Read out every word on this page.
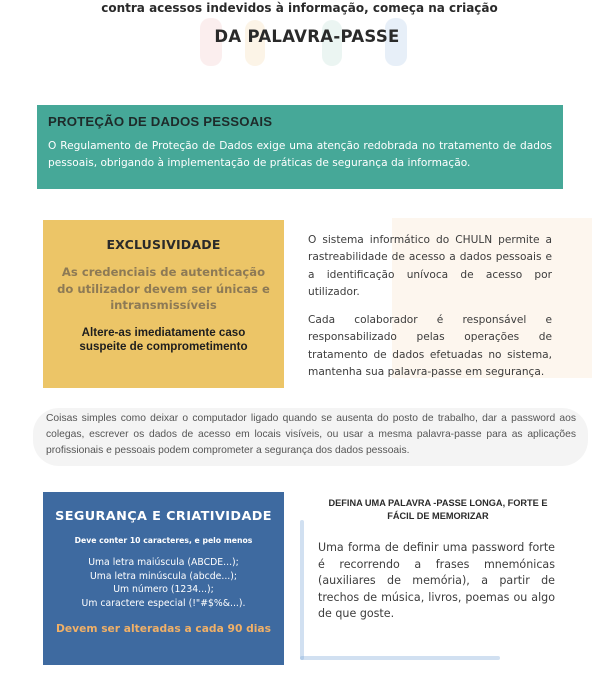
contra acessos indevidos à informação, começa na criação
DA PALAVRA-PASSE
PROTEÇÃO DE DADOS PESSOAIS

O Regulamento de Proteção de Dados exige uma atenção redobrada no tratamento de dados pessoais, obrigando à implementação de práticas de segurança da informação.

EXCLUSIVIDADE

As credenciais de autenticação do utilizador devem ser únicas e intransmissíveis

Altere-as imediatamente caso suspeite de comprometimento

O sistema informático do CHULN permite a rastreabilidade de acesso a dados pessoais e a identificação unívoca de acesso por utilizador.

Cada colaborador é responsável e responsabilizado pelas operações de tratamento de dados efetuadas no sistema, mantenha sua palavra-passe em segurança.

Coisas simples como deixar o computador ligado quando se ausenta do posto de trabalho, dar a password aos colegas, escrever os dados de acesso em locais visíveis, ou usar a mesma palavra-passe para as aplicações profissionais e pessoais podem comprometer a segurança dos dados pessoais.

SEGURANÇA E CRIATIVIDADE

Deve conter 10 caracteres, e pelo menos

Uma letra maiúscula (ABCDE...);
Uma letra minúscula (abcde...);
Um número (1234...);
Um caractere especial (!"#$%&...).

Devem ser alteradas a cada 90 dias

DEFINA UMA PALAVRA -PASSE LONGA, FORTE E FÁCIL DE MEMORIZAR

Uma forma de definir uma password forte é recorrendo a frases mnemónicas (auxiliares de memória), a partir de trechos de música, livros, poemas ou algo de que goste.
